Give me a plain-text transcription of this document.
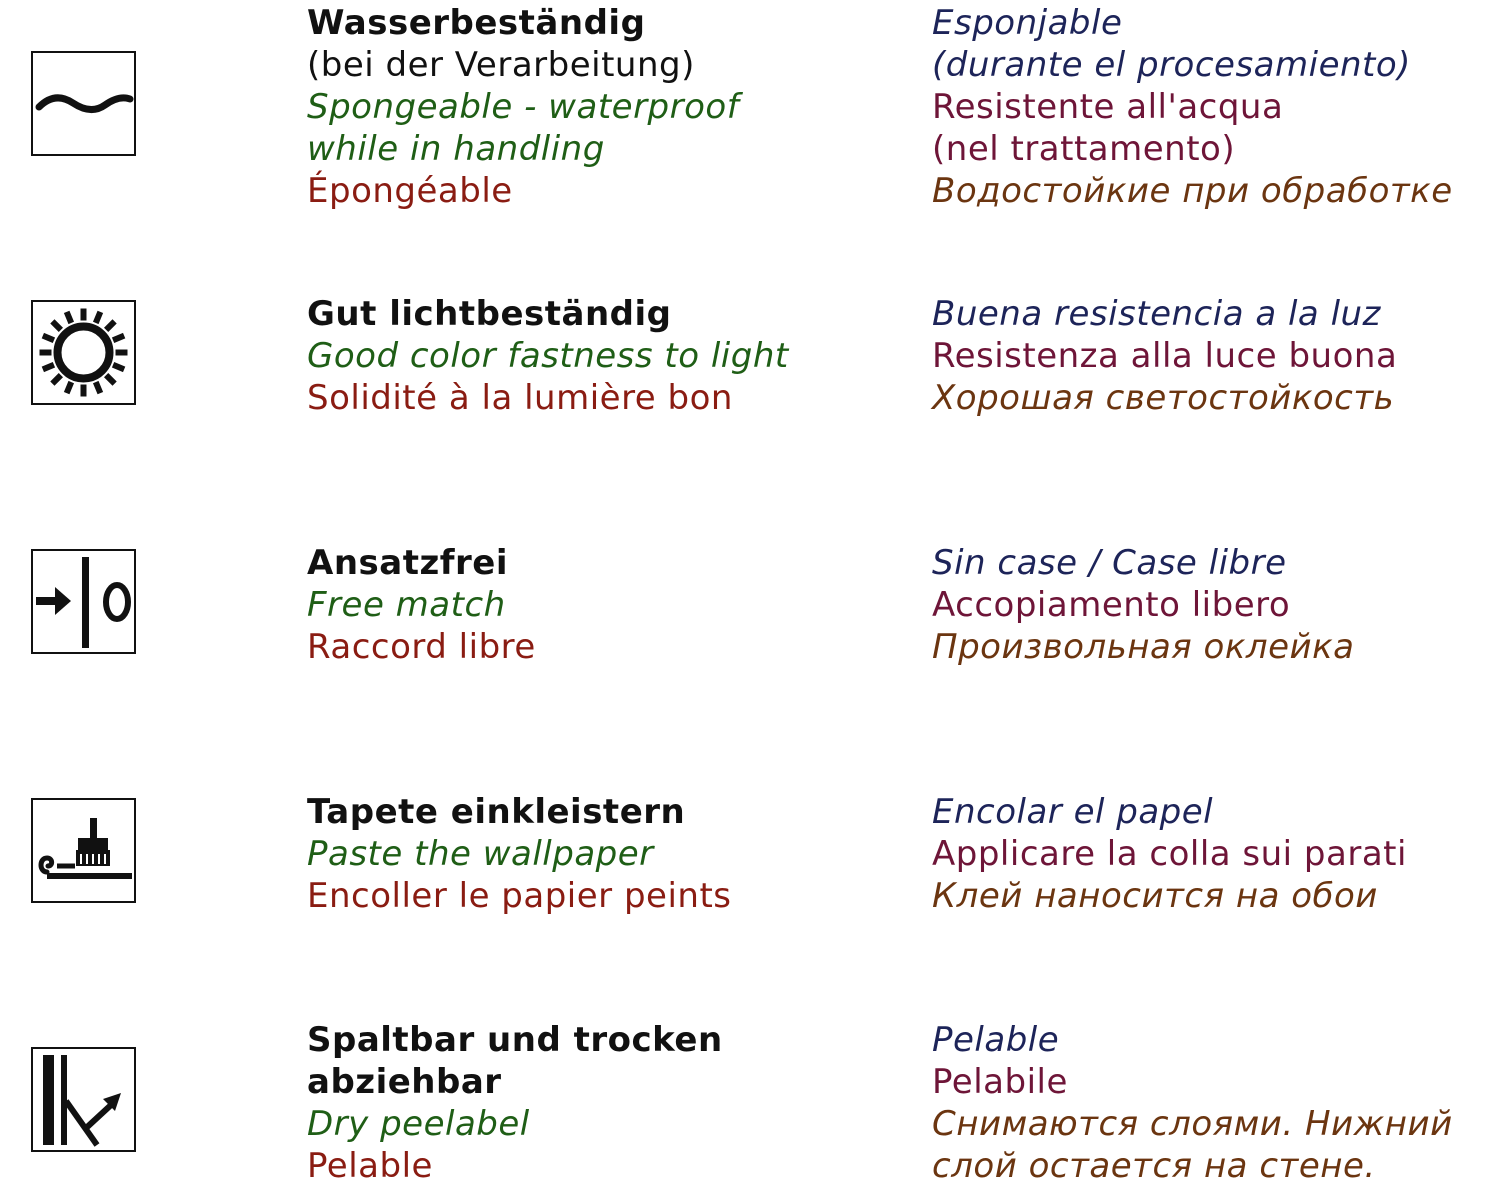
Wasserbeständig
(bei der Verarbeitung)
Spongeable - waterproof
while in handling
Épongéable
Esponjable
(durante el procesamiento)
Resistente all'acqua
(nel trattamento)
Водостойкие при обработке
Gut lichtbeständig
Good color fastness to light
Solidité à la lumière bon
Buena resistencia a la luz
Resistenza alla luce buona
Хорошая светостойкость
Ansatzfrei
Free match
Raccord libre
Sin case / Case libre
Accopiamento libero
Произвольная оклейка
Tapete einkleistern
Paste the wallpaper
Encoller le papier peints
Encolar el papel
Applicare la colla sui parati
Клей наносится на обои
Spaltbar und trocken
abziehbar
Dry peelabel
Pelable
Pelable
Pelabile
Снимаются слоями. Нижний
слой остается на стене.
